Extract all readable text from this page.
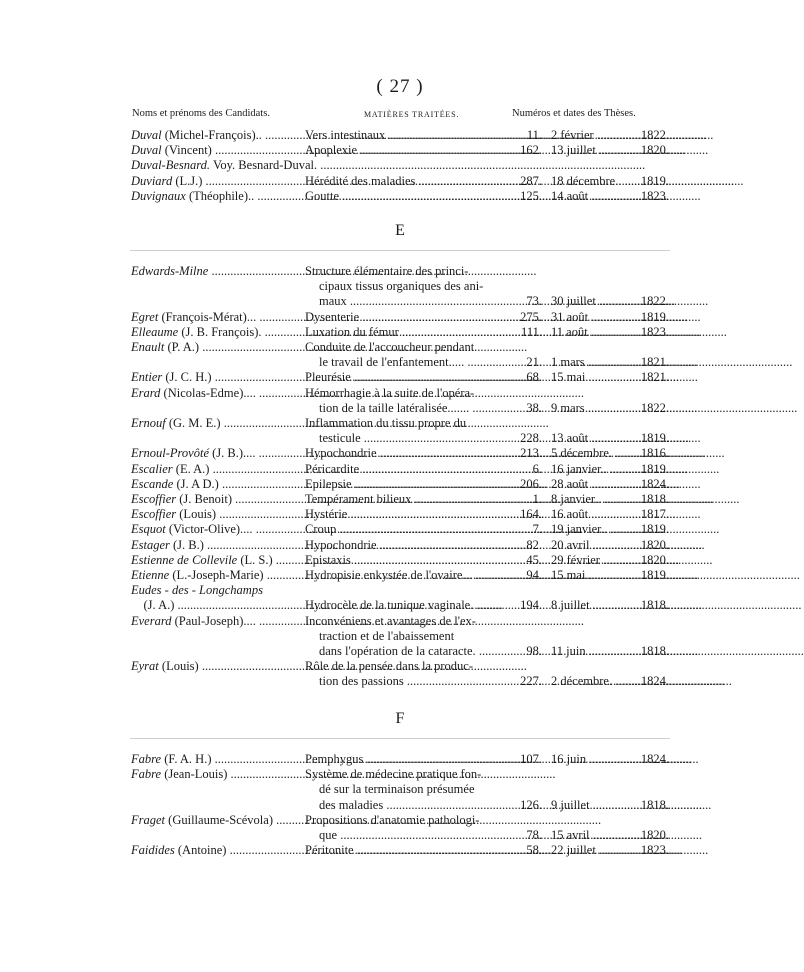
( 27 )
Noms et prénoms des Candidats.	MATIÈRES TRAITÉES.	Numéros et dates des Thèses.
Duval (Michel-François).. .....	Vers intestinaux .....	11. 2 février .....	1822.
Duval (Vincent) .....	Apoplexie .....	162. 13 juillet .....	1820.
Duval-Besnard. Voy. Besnard-Duval. .....
Duviard (L.J.) .....	Hérédité des maladies .....	287. 18 décembre.. .....	1819.
Duvignaux (Théophile).. .....	Goutte .....	125. 14 août .....	1823.
E
Edwards-Milne .....	Structure élémentaire des princi-
cipaux tissus organiques des ani-
maux .....	73. 30 juillet .....	1822.
Egret (François-Mérat)... .....	Dysenterie .....	275. 31 août .....	1819.
Elleaume (J. B. François). .....	Luxation du fémur .....	111. 11 août .....	1823.
Enault (P. A.) .....	Conduite de l'accoucheur pendant
le travail de l'enfantement..... .....	21. 1 mars .....	1821.
Entier (J. C. H.) .....	Pleurésie .....	68. 15 mai .....	1821.
Erard (Nicolas-Edme).... .....	Hémorrhagie à la suite de l'opéra-
tion de la taille latéralisée....... .....	38. 9 mars .....	1822.
Ernouf (G. M. E.) .....	Inflammation du tissu propre du
testicule .....	228. 13 août .....	1819.
Ernoul-Provôté (J. B.).... .....	Hypochondrie .....	213. 5 décembre. .....	1816.
Escalier (E. A.) .....	Péricardite .....	6. 16 janvier.. .....	1819.
Escande (J. A D.) .....	Epilepsie .....	206. 28 août .....	1824.
Escoffier (J. Benoit) .....	Tempérament bilieux .....	1. 8 janvier.. .....	1818.
Escoffier (Louis) .....	Hystérie .....	164. 16 août .....	1817.
Esquot (Victor-Olive).... .....	Croup .....	7. 19 janvier.. .....	1819.
Estager (J. B.) .....	Hypochondrie .....	82. 20 avril .....	1820.
Estienne de Collevile (L. S.) .....	Epistaxis .....	45. 29 février .....	1820.
Etienne (L.-Joseph-Marie) .....	Hydropisie enkystée de l'ovaire... .....	94. 15 mai .....	1819.
Eudes - des - Longchamps
(J. A.) .....	Hydrocèle de la tunique vaginale. .....	194. 8 juillet .....	1818.
Everard (Paul-Joseph).... .....	Inconvéniens et avantages de l'ex-
traction et de l'abaissement
dans l'opération de la cataracte. .....	98. 11 juin .....	1818.
Eyrat (Louis) .....	Rôle de la pensée dans la produc-
tion des passions .....	227. 2 décembre. .....	1824.
F
Fabre (F. A. H.) .....	Pemphygus .....	107. 16 juin .....	1824.
Fabre (Jean-Louis) .....	Système de médecine pratique fon-
dé sur la terminaison présumée
des maladies .....	126. 9 juillet .....	1818.
Fraget (Guillaume-Scévola) .....	Propositions d'anatomie pathologi-
que .....	78. 15 avril .....	1820.
Faidides (Antoine) .....	Péritonite .....	58. 22 juillet .....	1823.
